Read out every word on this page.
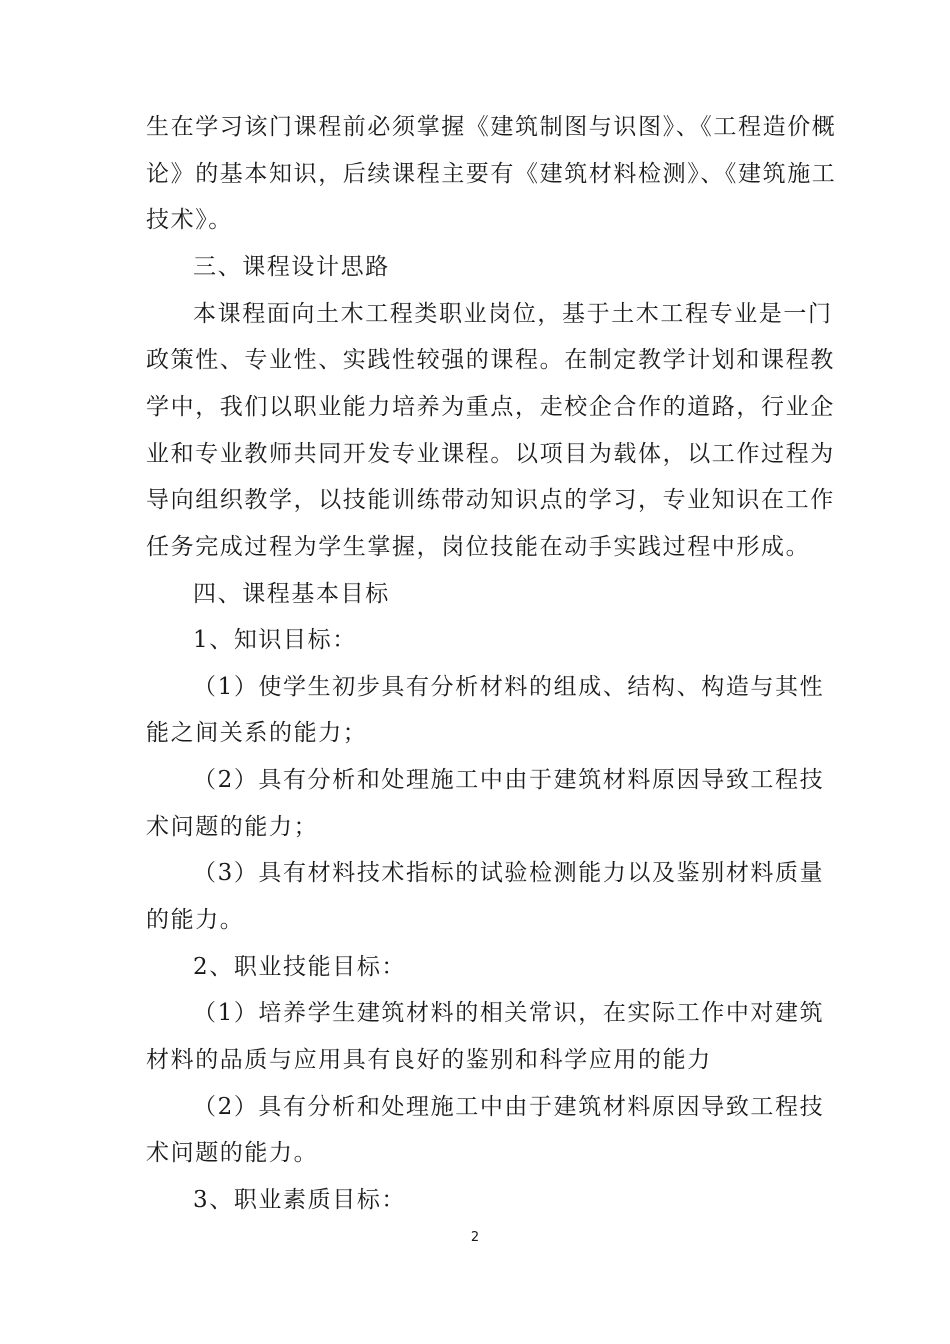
生在学习该门课程前必须掌握《建筑制图与识图》、《工程造价概
论》的基本知识，后续课程主要有《建筑材料检测》、《建筑施工
技术》。
三、课程设计思路
本课程面向土木工程类职业岗位，基于土木工程专业是一门
政策性、专业性、实践性较强的课程。在制定教学计划和课程教
学中，我们以职业能力培养为重点，走校企合作的道路，行业企
业和专业教师共同开发专业课程。以项目为载体，以工作过程为
导向组织教学，以技能训练带动知识点的学习，专业知识在工作
任务完成过程为学生掌握，岗位技能在动手实践过程中形成。
四、课程基本目标
1、知识目标：
（1）使学生初步具有分析材料的组成、结构、构造与其性
能之间关系的能力；
（2）具有分析和处理施工中由于建筑材料原因导致工程技
术问题的能力；
（3）具有材料技术指标的试验检测能力以及鉴别材料质量
的能力。
2、职业技能目标：
（1）培养学生建筑材料的相关常识，在实际工作中对建筑
材料的品质与应用具有良好的鉴别和科学应用的能力
（2）具有分析和处理施工中由于建筑材料原因导致工程技
术问题的能力。
3、职业素质目标：
2
